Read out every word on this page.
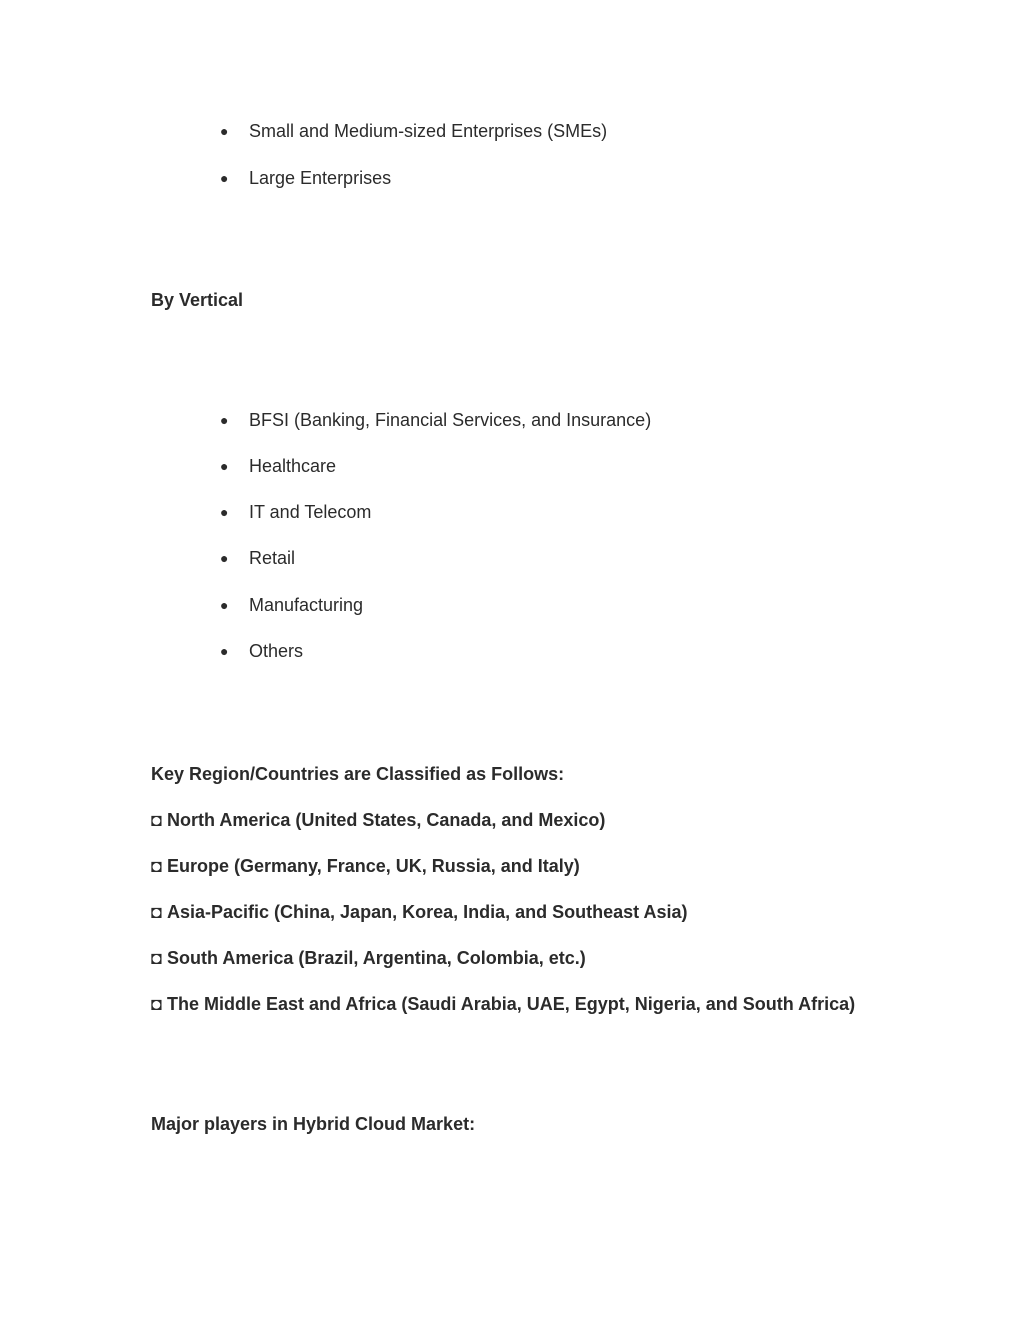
● Small and Medium-sized Enterprises (SMEs)
● Large Enterprises
By Vertical
● BFSI (Banking, Financial Services, and Insurance)
● Healthcare
● IT and Telecom
● Retail
● Manufacturing
● Others
Key Region/Countries are Classified as Follows:
◘ North America (United States, Canada, and Mexico)
◘ Europe (Germany, France, UK, Russia, and Italy)
◘ Asia-Pacific (China, Japan, Korea, India, and Southeast Asia)
◘ South America (Brazil, Argentina, Colombia, etc.)
◘ The Middle East and Africa (Saudi Arabia, UAE, Egypt, Nigeria, and South Africa)
Major players in Hybrid Cloud Market:
